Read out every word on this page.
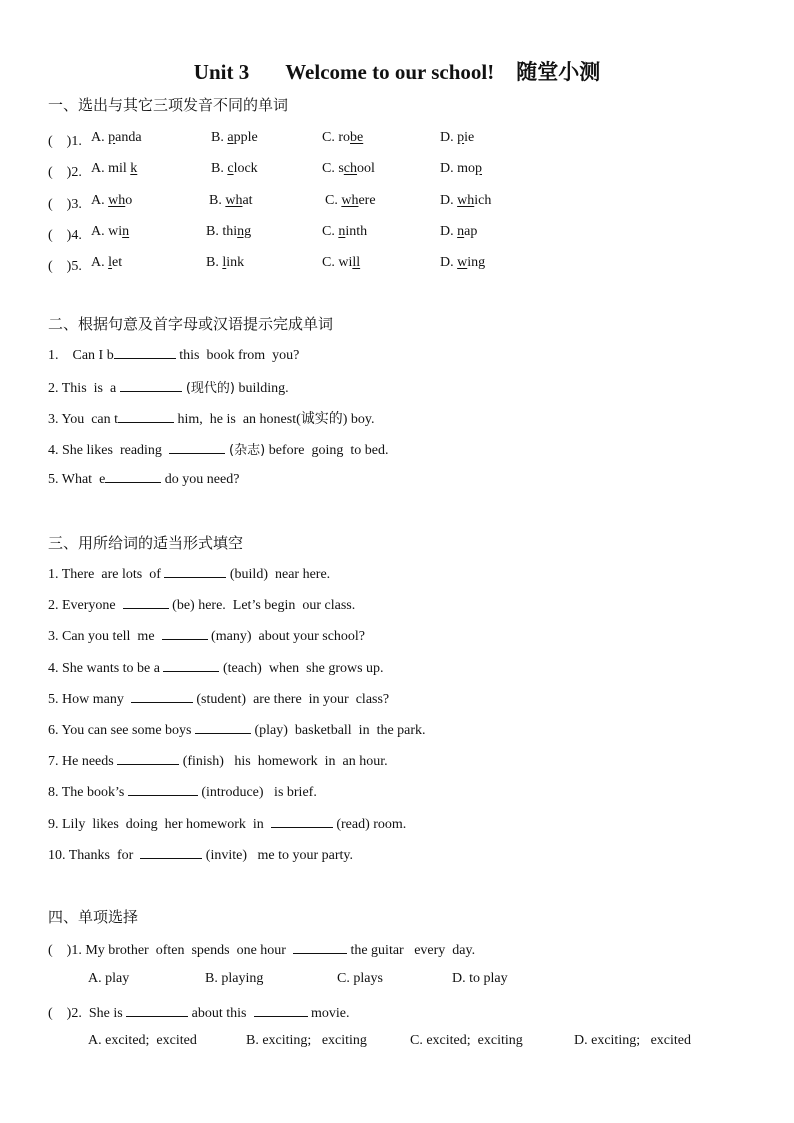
Unit 3 Welcome to our school! 随堂小测
一、选出与其它三项发音不同的单词
(　)1. A. panda	B. apple	C. robe	D. pie
(　)2. A. mil k	B. clock	C. school	D. mop
(　)3. A. who	B. what	C. where	D. which
(　)4. A. win	B. thing	C. ninth	D. nap
(　)5. A. let	B. link	C. will	D. wing
二、根据句意及首字母或汉语提示完成单词
1.    Can I b	this  book from  you?
2. This  is  a	(现代的) building.
3. You  can t	him,  he is  an honest(诚实的) boy.
4. She likes  reading	(杂志) before  going  to bed.
5. What  e	do you need?
三、用所给词的适当形式填空
1. There  are lots  of	(build)  near here.
2. Everyone	(be) here.  Let’s begin  our class.
3. Can you tell  me	(many)  about your school?
4. She wants to be a	(teach)  when  she grows up.
5. How many	(student)  are there  in your  class?
6. You can see some boys	(play)  basketball  in  the park.
7. He needs	(finish)   his  homework  in  an hour.
8. The book’s	(introduce)   is brief.
9. Lily  likes  doing  her homework  in	(read) room.
10. Thanks  for	(invite)   me to your party.
四、单项选择
(　)1. My brother  often  spends  one hour	the guitar   every  day.
A. play	B. playing	C. plays	D. to play
(　)2.  She is	about this	movie.
A. excited;  excited	B. exciting;   exciting	C. excited;  exciting	D. exciting;   excited
